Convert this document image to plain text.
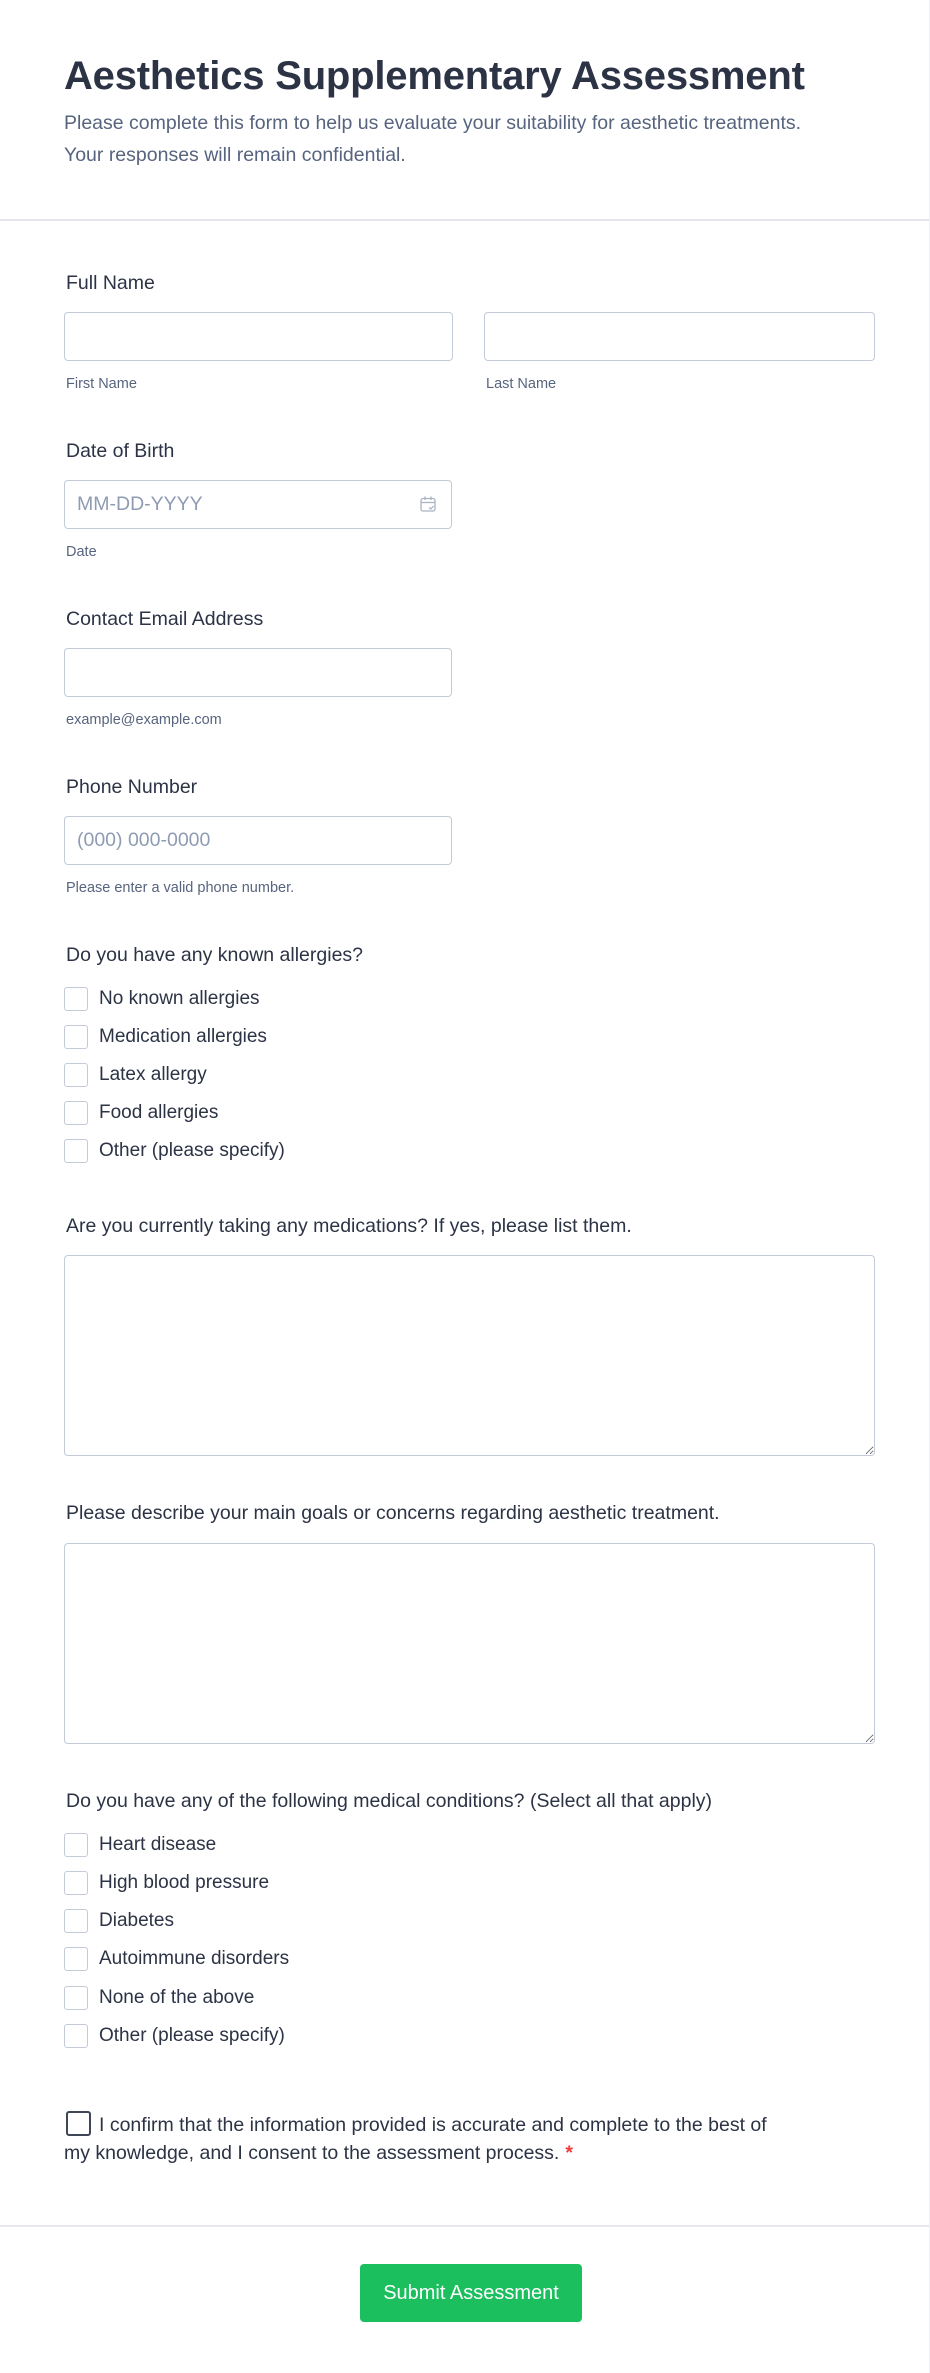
Aesthetics Supplementary Assessment

Please complete this form to help us evaluate your suitability for aesthetic treatments. Your responses will remain confidential.

Full Name
First Name	Last Name
Date of Birth
MM-DD-YYYY
Date
Contact Email Address
example@example.com
Phone Number
(000) 000-0000
Please enter a valid phone number.
Do you have any known allergies?
No known allergies
Medication allergies
Latex allergy
Food allergies
Other (please specify)
Are you currently taking any medications? If yes, please list them.
Please describe your main goals or concerns regarding aesthetic treatment.
Do you have any of the following medical conditions? (Select all that apply)
Heart disease
High blood pressure
Diabetes
Autoimmune disorders
None of the above
Other (please specify)
I confirm that the information provided is accurate and complete to the best of my knowledge, and I consent to the assessment process. *
Submit Assessment
